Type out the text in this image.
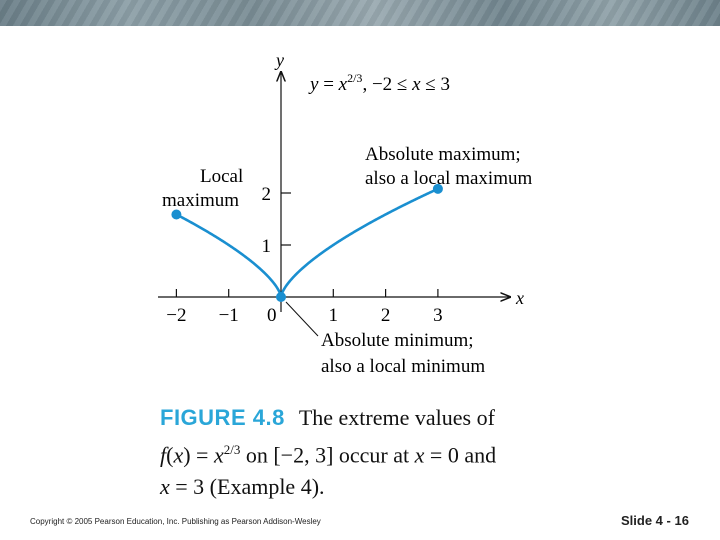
x
y
$y = x^{2/3}$, −2 ≤ x ≤ 3
−2 −1 0	1 2 3
1
2
Local
maximum
Absolute maximum;
also a local maximum
Absolute minimum;
also a local minimum
FIGURE 4.8 The extreme values of
$f(x) = x^{2/3}$ on [−2, 3] occur at x = 0 and
x = 3 (Example 4).
Copyright © 2005 Pearson Education, Inc. Publishing as Pearson Addison-Wesley	Slide 4 - 16
